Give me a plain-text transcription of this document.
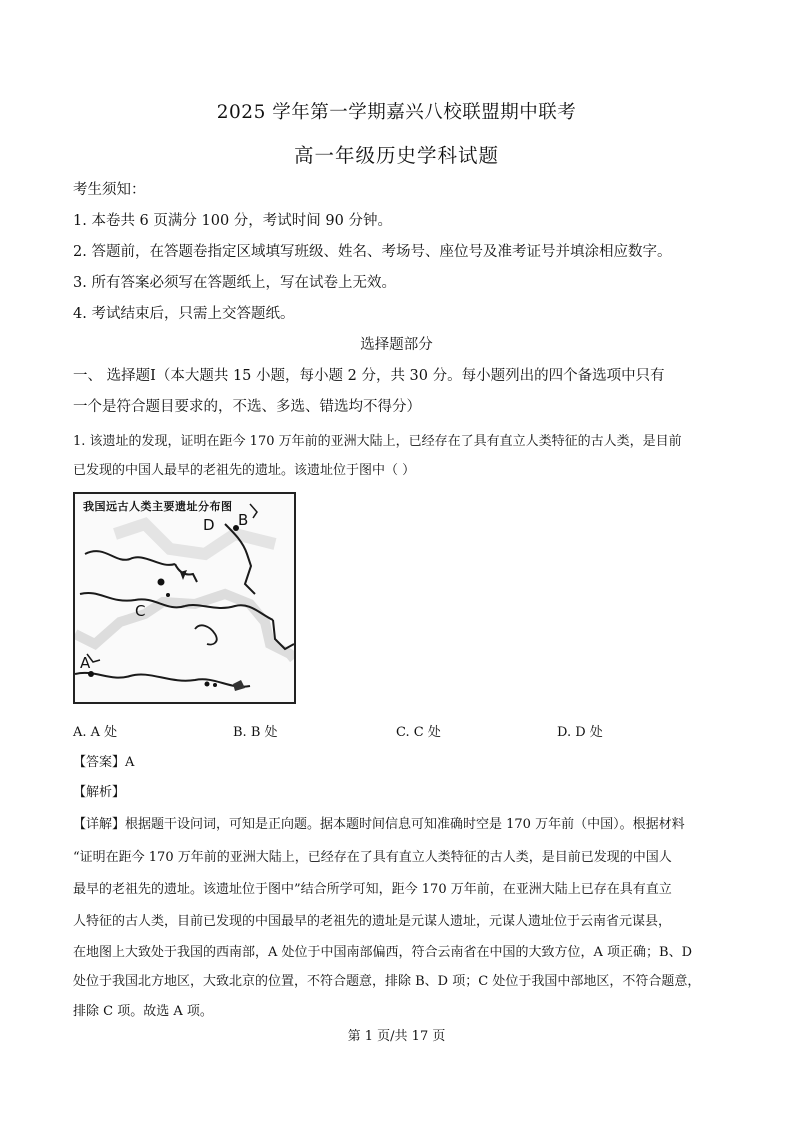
2025 学年第一学期嘉兴八校联盟期中联考
高一年级历史学科试题
考生须知：
1. 本卷共 6 页满分 100 分，考试时间 90 分钟。
2. 答题前，在答题卷指定区域填写班级、姓名、考场号、座位号及准考证号并填涂相应数字。
3. 所有答案必须写在答题纸上，写在试卷上无效。
4. 考试结束后，只需上交答题纸。
选择题部分
一、 选择题Ⅰ（本大题共 15 小题，每小题 2 分，共 30 分。每小题列出的四个备选项中只有
一个是符合题目要求的，不选、多选、错选均不得分）
1. 该遗址的发现，证明在距今 170 万年前的亚洲大陆上，已经存在了具有直立人类特征的古人类，是目前
已发现的中国人最早的老祖先的遗址。该遗址位于图中（ ）
我国远古人类主要遗址分布图
D B
C
A
A. A 处	B. B 处	C. C 处	D. D 处
【答案】A
【解析】
【详解】根据题干设问词，可知是正向题。据本题时间信息可知准确时空是 170 万年前（中国）。根据材料
“证明在距今 170 万年前的亚洲大陆上，已经存在了具有直立人类特征的古人类，是目前已发现的中国人
最早的老祖先的遗址。该遗址位于图中”结合所学可知，距今 170 万年前，在亚洲大陆上已存在具有直立
人特征的古人类，目前已发现的中国最早的老祖先的遗址是元谋人遗址，元谋人遗址位于云南省元谋县，
在地图上大致处于我国的西南部，A 处位于中国南部偏西，符合云南省在中国的大致方位，A 项正确；B、D
处位于我国北方地区，大致北京的位置，不符合题意，排除 B、D 项；C 处位于我国中部地区，不符合题意，
排除 C 项。故选 A 项。
第 1 页/共 17 页
